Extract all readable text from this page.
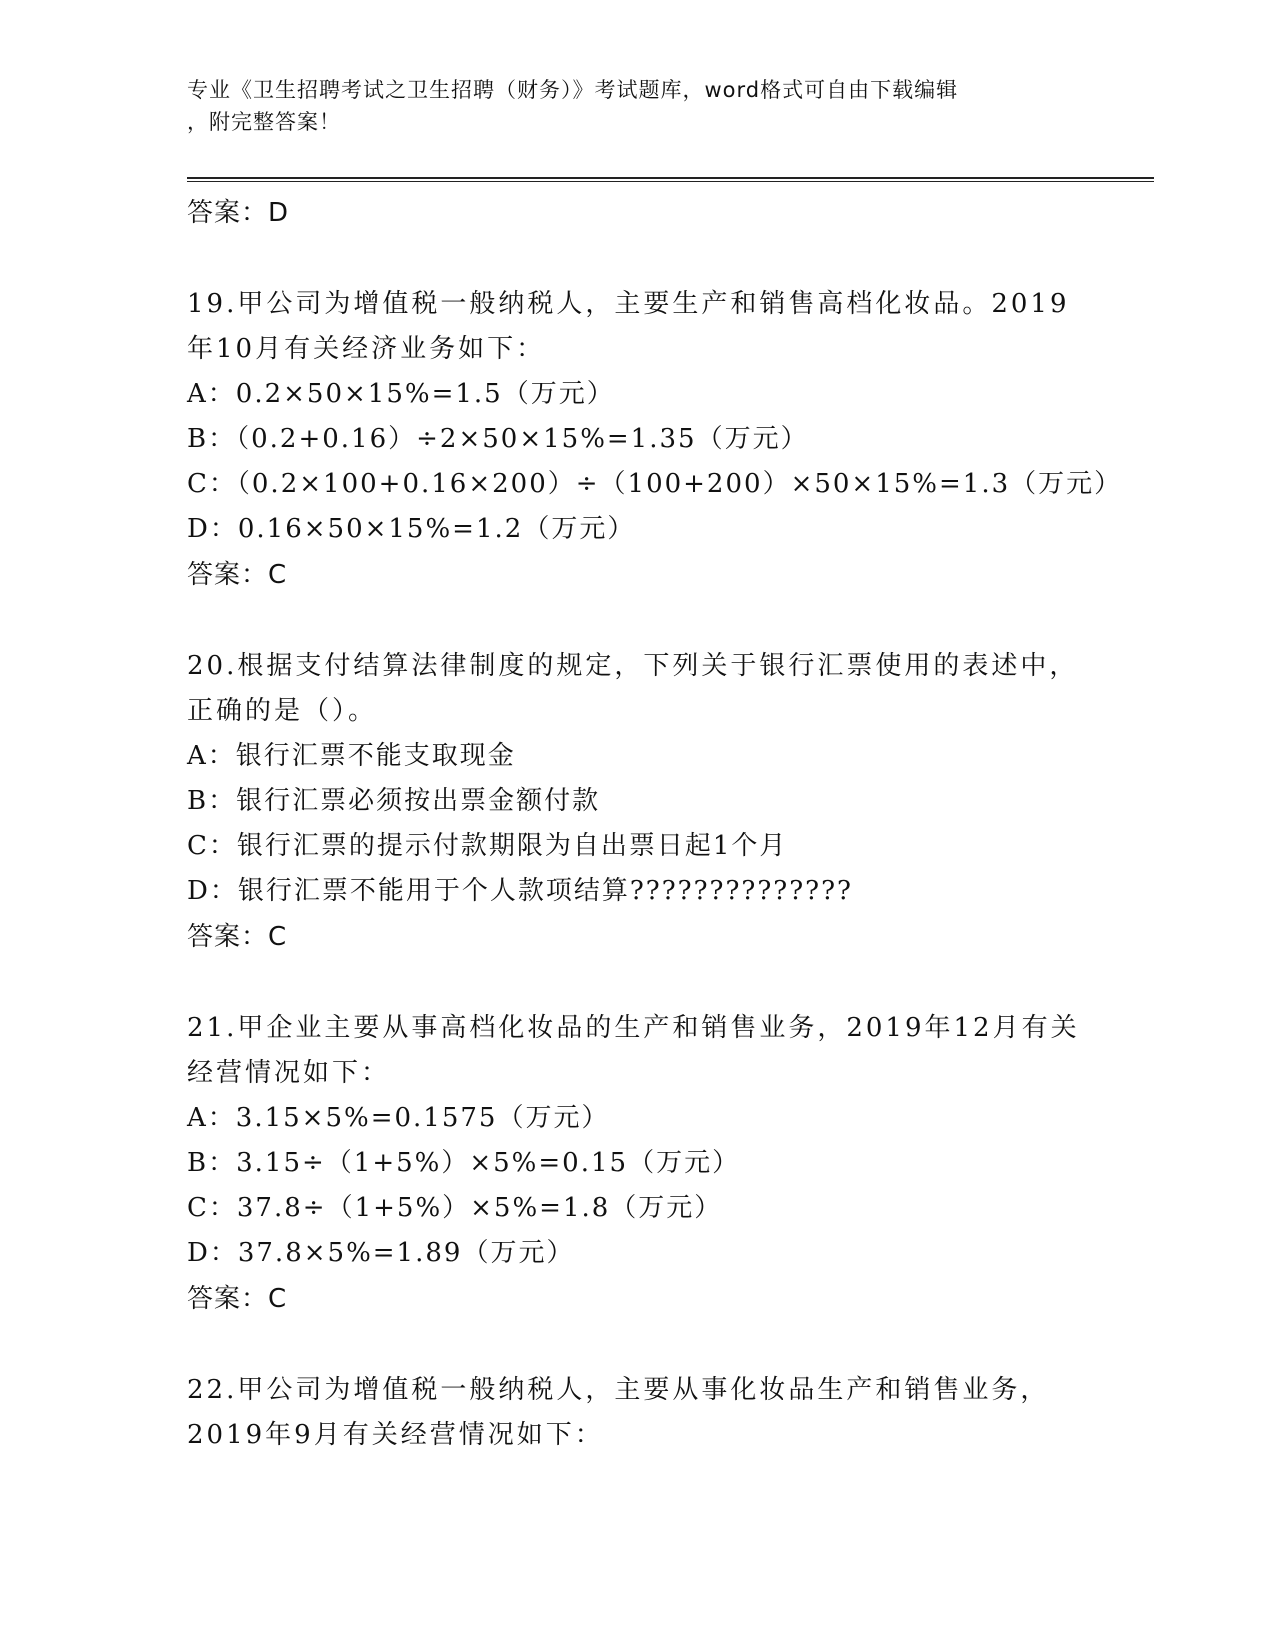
专业《卫生招聘考试之卫生招聘（财务）》考试题库，word格式可自由下载编辑
，附完整答案！
答案：D
19.甲公司为增值税一般纳税人，主要生产和销售高档化妆品。2019
年10月有关经济业务如下：
A：0.2×50×15%=1.5（万元）
B：（0.2+0.16）÷2×50×15%=1.35（万元）
C：（0.2×100+0.16×200）÷（100+200）×50×15%=1.3（万元）
D：0.16×50×15%=1.2（万元）
答案：C
20.根据支付结算法律制度的规定，下列关于银行汇票使用的表述中，
正确的是（）。
A：银行汇票不能支取现金
B：银行汇票必须按出票金额付款
C：银行汇票的提示付款期限为自出票日起1个月
D：银行汇票不能用于个人款项结算??????????????
答案：C
21.甲企业主要从事高档化妆品的生产和销售业务，2019年12月有关
经营情况如下：
A：3.15×5%=0.1575（万元）
B：3.15÷（1+5%）×5%=0.15（万元）
C：37.8÷（1+5%）×5%=1.8（万元）
D：37.8×5%=1.89（万元）
答案：C
22.甲公司为增值税一般纳税人，主要从事化妆品生产和销售业务，
2019年9月有关经营情况如下：
